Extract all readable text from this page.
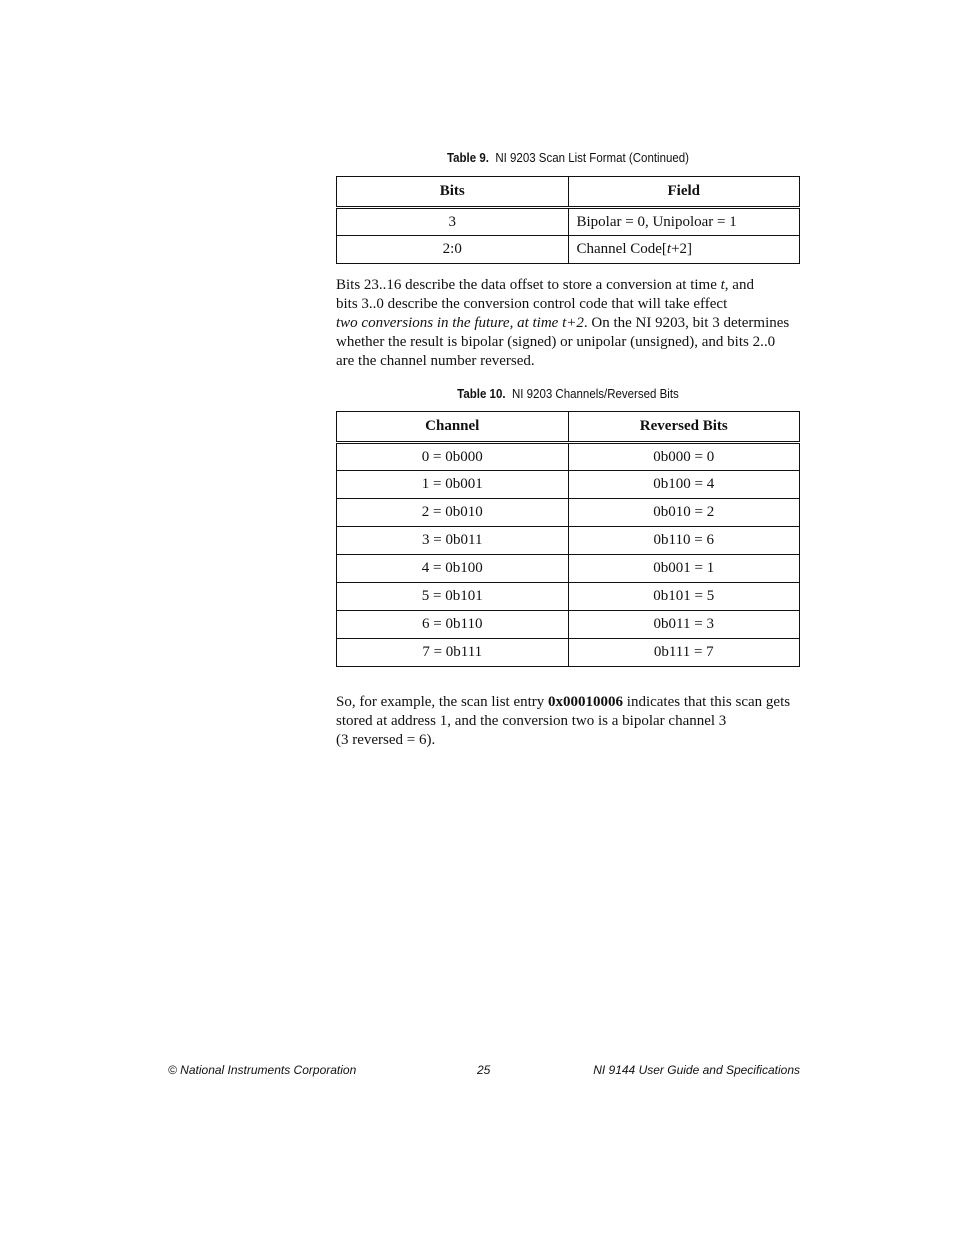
Table 9. NI 9203 Scan List Format (Continued)
Bits	Field
3	Bipolar = 0, Unipoloar = 1
2:0	Channel Code[t+2]

Bits 23..16 describe the data offset to store a conversion at time t, and
bits 3..0 describe the conversion control code that will take effect
two conversions in the future, at time t+2. On the NI 9203, bit 3 determines
whether the result is bipolar (signed) or unipolar (unsigned), and bits 2..0
are the channel number reversed.

Table 10. NI 9203 Channels/Reversed Bits
Channel	Reversed Bits
0 = 0b000	0b000 = 0
1 = 0b001	0b100 = 4
2 = 0b010	0b010 = 2
3 = 0b011	0b110 = 6
4 = 0b100	0b001 = 1
5 = 0b101	0b101 = 5
6 = 0b110	0b011 = 3
7 = 0b111	0b111 = 7

So, for example, the scan list entry 0x00010006 indicates that this scan gets
stored at address 1, and the conversion two is a bipolar channel 3
(3 reversed = 6).

© National Instruments Corporation	25	NI 9144 User Guide and Specifications
